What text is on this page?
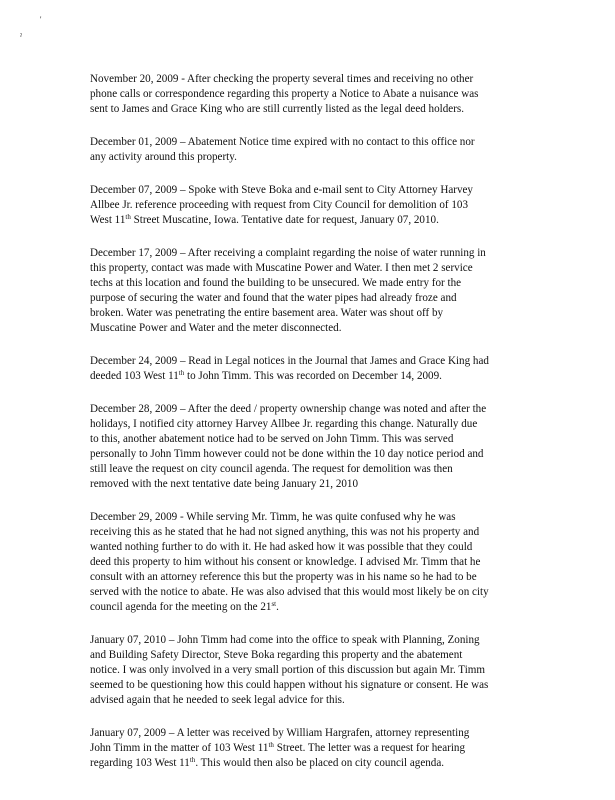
'
ˀ
November 20, 2009 - After checking the property several times and receiving no other
phone calls or correspondence regarding this property a Notice to Abate a nuisance was
sent to James and Grace King who are still currently listed as the legal deed holders.
December 01, 2009 – Abatement Notice time expired with no contact to this office nor
any activity around this property.
December 07, 2009 – Spoke with Steve Boka and e-mail sent to City Attorney Harvey
Allbee Jr. reference proceeding with request from City Council for demolition of 103
West 11th Street Muscatine, Iowa. Tentative date for request, January 07, 2010.
December 17, 2009 – After receiving a complaint regarding the noise of water running in
this property, contact was made with Muscatine Power and Water. I then met 2 service
techs at this location and found the building to be unsecured. We made entry for the
purpose of securing the water and found that the water pipes had already froze and
broken. Water was penetrating the entire basement area. Water was shout off by
Muscatine Power and Water and the meter disconnected.
December 24, 2009 – Read in Legal notices in the Journal that James and Grace King had
deeded 103 West 11th to John Timm. This was recorded on December 14, 2009.
December 28, 2009 – After the deed / property ownership change was noted and after the
holidays, I notified city attorney Harvey Allbee Jr. regarding this change. Naturally due
to this, another abatement notice had to be served on John Timm. This was served
personally to John Timm however could not be done within the 10 day notice period and
still leave the request on city council agenda. The request for demolition was then
removed with the next tentative date being January 21, 2010
December 29, 2009 - While serving Mr. Timm, he was quite confused why he was
receiving this as he stated that he had not signed anything, this was not his property and
wanted nothing further to do with it. He had asked how it was possible that they could
deed this property to him without his consent or knowledge. I advised Mr. Timm that he
consult with an attorney reference this but the property was in his name so he had to be
served with the notice to abate. He was also advised that this would most likely be on city
council agenda for the meeting on the 21st.
January 07, 2010 – John Timm had come into the office to speak with Planning, Zoning
and Building Safety Director, Steve Boka regarding this property and the abatement
notice. I was only involved in a very small portion of this discussion but again Mr. Timm
seemed to be questioning how this could happen without his signature or consent. He was
advised again that he needed to seek legal advice for this.
January 07, 2009 – A letter was received by William Hargrafen, attorney representing
John Timm in the matter of 103 West 11th Street. The letter was a request for hearing
regarding 103 West 11th. This would then also be placed on city council agenda.
